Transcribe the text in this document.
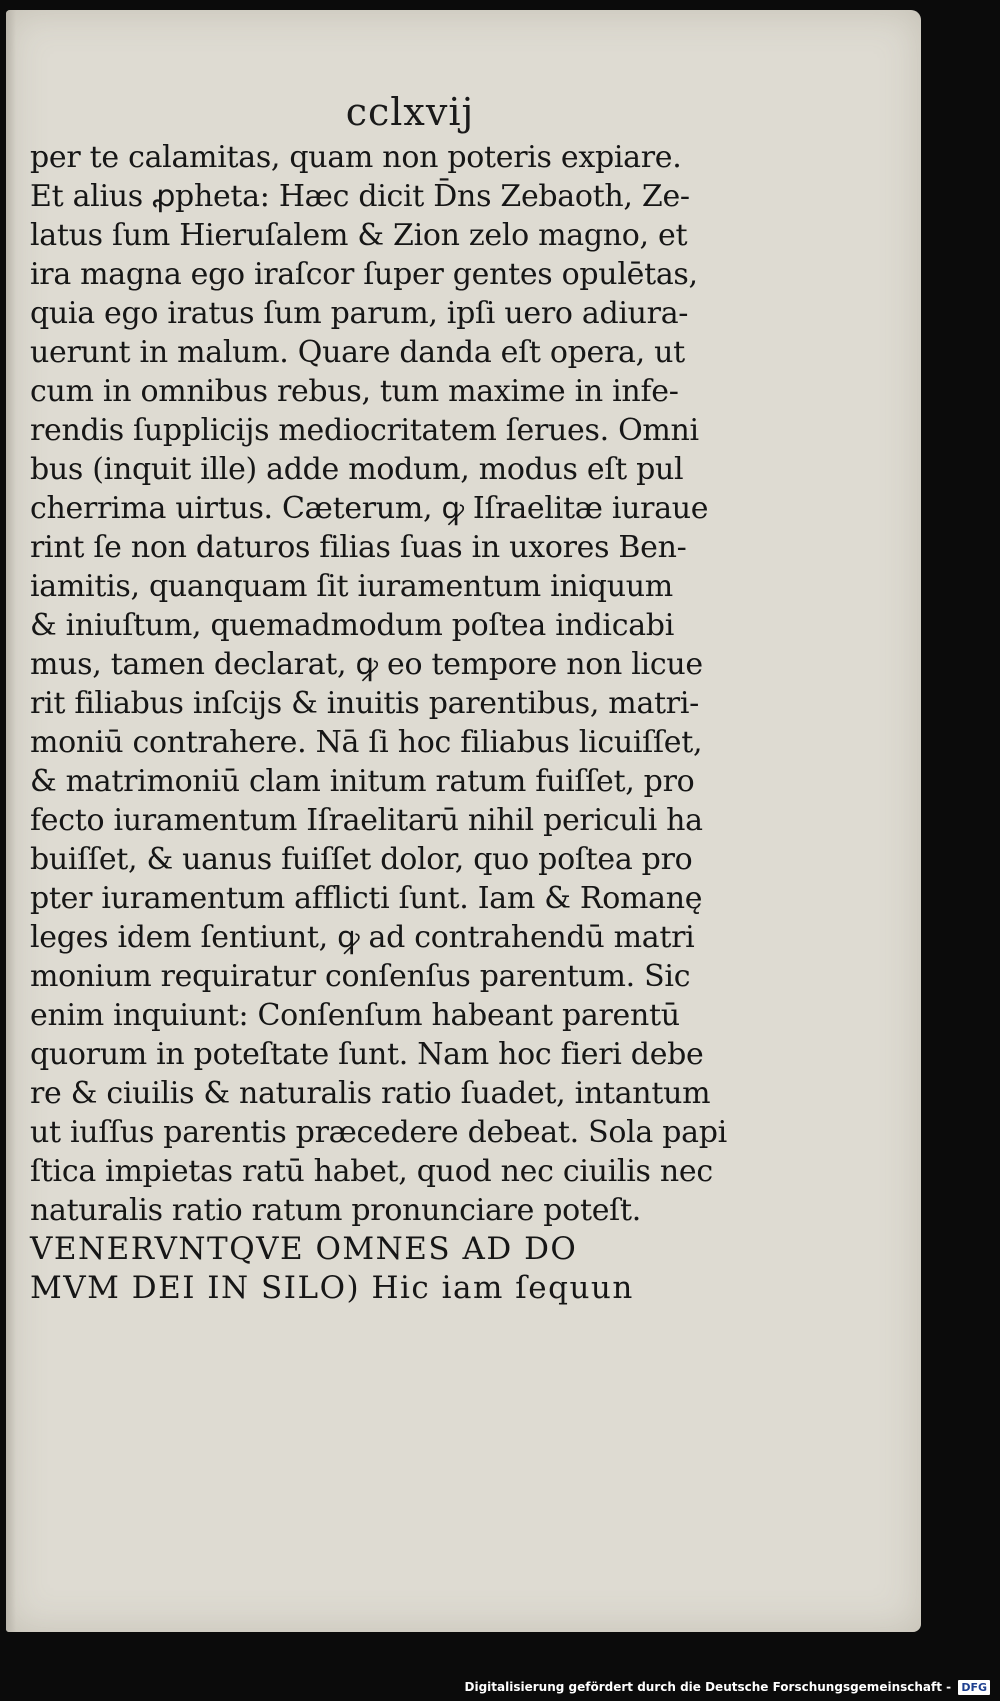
cclxvij
per te calamitas, quam non poteris expiare.
Et alius ꝓpheta: Hæc dicit D̄ns Zebaoth, Ze-
latus ſum Hieruſalem & Zion zelo magno, et
ira magna ego iraſcor ſuper gentes opulētas,
quia ego iratus ſum parum, ipſi uero adiura-
uerunt in malum. Quare danda eſt opera, ut
cum in omnibus rebus, tum maxime in infe-
rendis ſupplicijs mediocritatem ſerues. Omni
bus (inquit ille) adde modum, modus eſt pul
cherrima uirtus. Cæterum, ꝙ Iſraelitæ iurauе
rint ſe non daturos filias ſuas in uxores Ben-
iamitis, quanquam ſit iuramentum iniquum
& iniuſtum, quemadmodum poſtea indicabi
mus, tamen declarat, ꝙ eo tempore non licue
rit filiabus inſcijs & inuitis parentibus, matri-
moniū contrahere. Nā ſi hoc filiabus licuiſſet,
& matrimoniū clam initum ratum fuiſſet, pro
fecto iuramentum Iſraelitarū nihil periculi ha
buiſſet, & uanus fuiſſet dolor, quo poſtea pro
pter iuramentum afflicti ſunt. Iam & Romanę
leges idem ſentiunt, ꝙ ad contrahendū matri
monium requiratur conſenſus parentum. Sic
enim inquiunt: Conſenſum habeant parentū
quorum in poteſtate ſunt. Nam hoc fieri debe
re & ciuilis & naturalis ratio ſuadet, intantum
ut iuſſus parentis præcedere debeat. Sola papi
ſtica impietas ratū habet, quod nec ciuilis nec
naturalis ratio ratum pronunciare poteſt.
VENERVNTQVE OMNES AD DO
MVM DEI IN SILO) Hic iam ſequun
Digitalisierung gefördert durch die Deutsche Forschungsgemeinschaft - DFG
